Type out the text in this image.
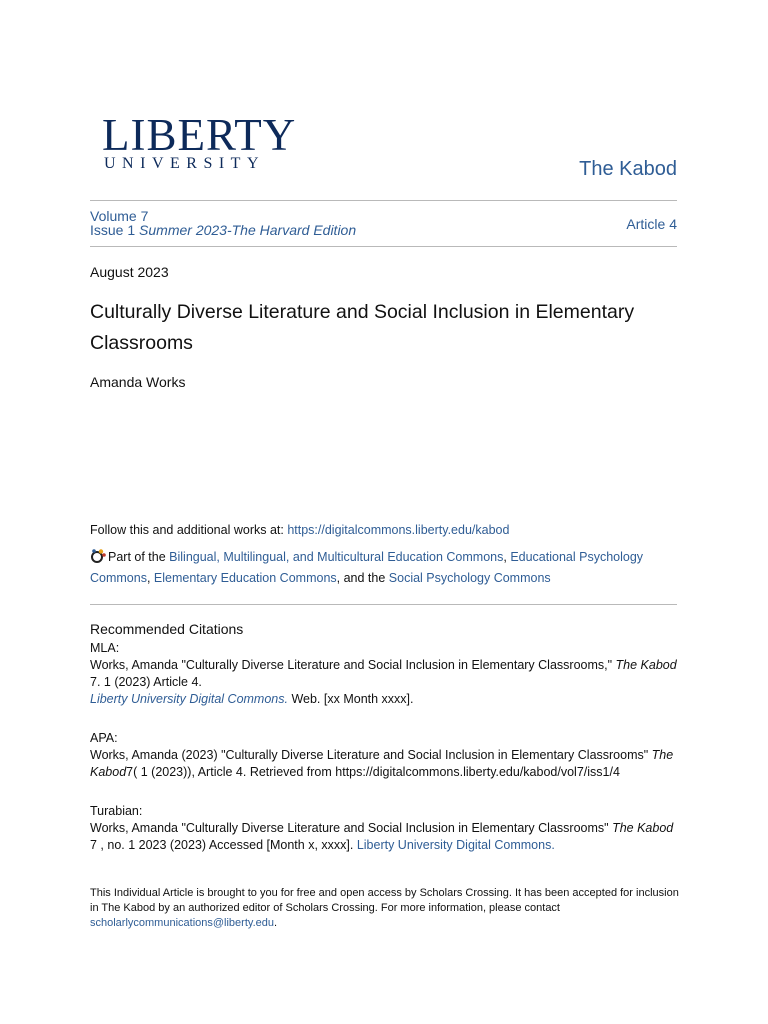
LIBERTY
UNIVERSITY	The Kabod
Volume 7
Issue 1 Summer 2023-The Harvard Edition	Article 4
August 2023
Culturally Diverse Literature and Social Inclusion in Elementary Classrooms
Amanda Works
Follow this and additional works at: https://digitalcommons.liberty.edu/kabod
Part of the Bilingual, Multilingual, and Multicultural Education Commons, Educational Psychology Commons, Elementary Education Commons, and the Social Psychology Commons
Recommended Citations
MLA:
Works, Amanda "Culturally Diverse Literature and Social Inclusion in Elementary Classrooms," The Kabod 7. 1 (2023) Article 4.
Liberty University Digital Commons. Web. [xx Month xxxx].
APA:
Works, Amanda (2023) "Culturally Diverse Literature and Social Inclusion in Elementary Classrooms" The Kabod7( 1 (2023)), Article 4. Retrieved from https://digitalcommons.liberty.edu/kabod/vol7/iss1/4
Turabian:
Works, Amanda "Culturally Diverse Literature and Social Inclusion in Elementary Classrooms" The Kabod 7 , no. 1 2023 (2023) Accessed [Month x, xxxx]. Liberty University Digital Commons.
This Individual Article is brought to you for free and open access by Scholars Crossing. It has been accepted for inclusion in The Kabod by an authorized editor of Scholars Crossing. For more information, please contact scholarlycommunications@liberty.edu.
